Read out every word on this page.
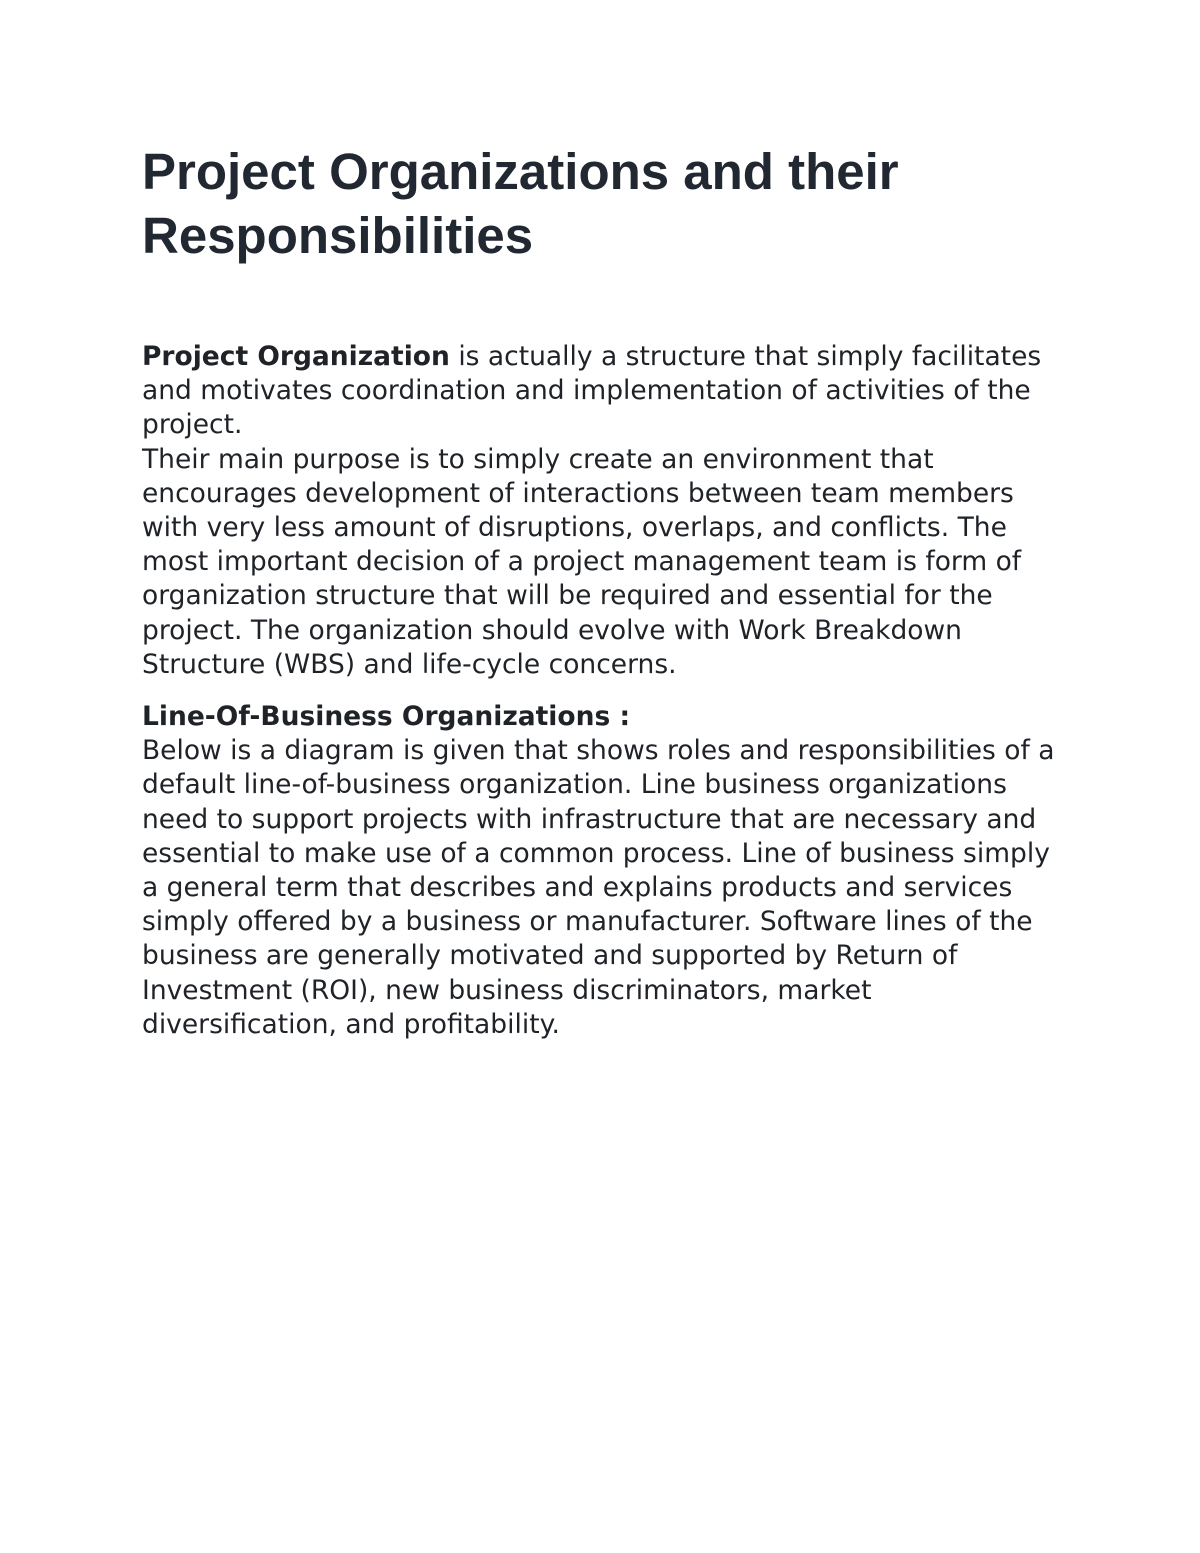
Project Organizations and their Responsibilities

Project Organization is actually a structure that simply facilitates and motivates coordination and implementation of activities of the project.

Their main purpose is to simply create an environment that encourages development of interactions between team members with very less amount of disruptions, overlaps, and conflicts. The most important decision of a project management team is form of organization structure that will be required and essential for the project. The organization should evolve with Work Breakdown Structure (WBS) and life-cycle concerns.

Line-Of-Business Organizations :

Below is a diagram is given that shows roles and responsibilities of a default line-of-business organization. Line business organizations need to support projects with infrastructure that are necessary and essential to make use of a common process. Line of business simply a general term that describes and explains products and services simply offered by a business or manufacturer. Software lines of the business are generally motivated and supported by Return of Investment (ROI), new business discriminators, market diversification, and profitability.
